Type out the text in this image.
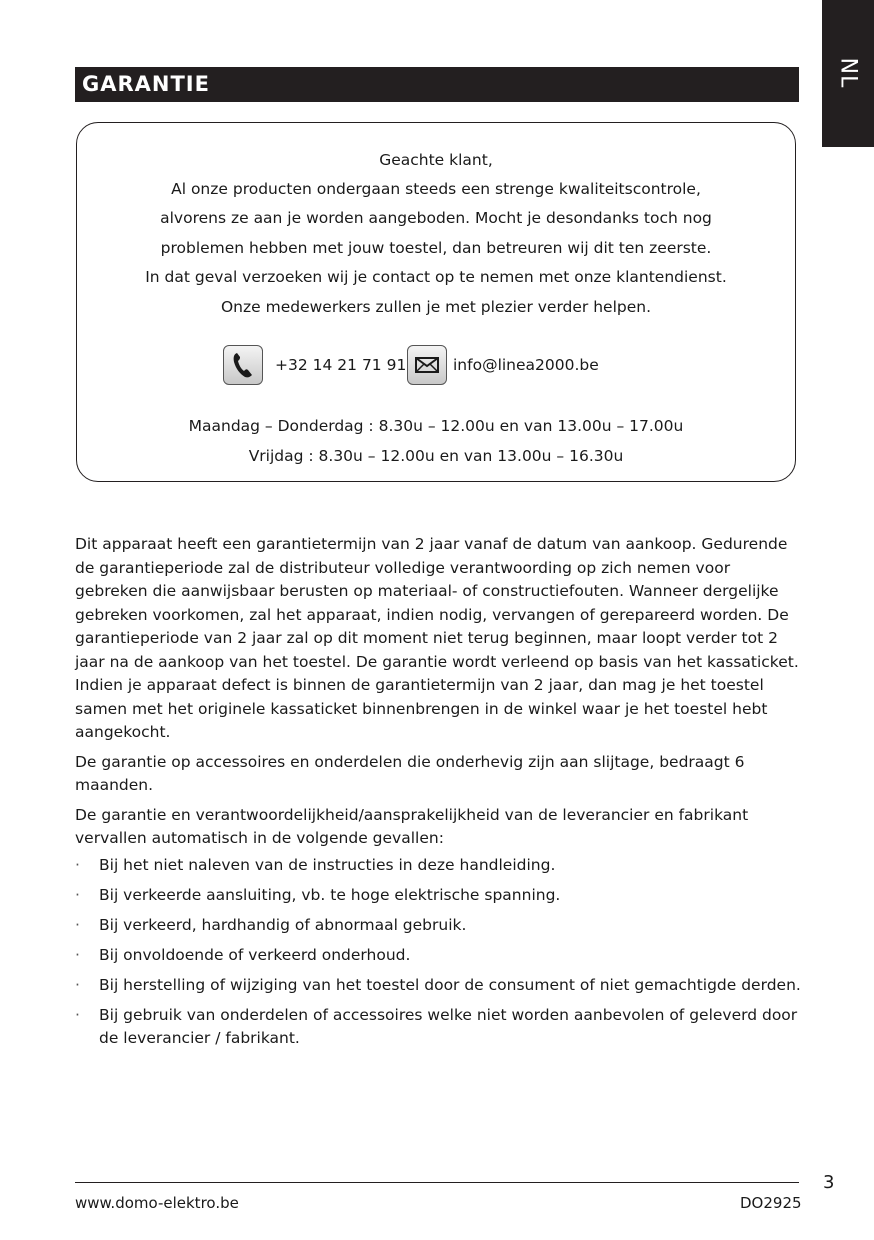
NL
GARANTIE
Geachte klant,
Al onze producten ondergaan steeds een strenge kwaliteitscontrole,
alvorens ze aan je worden aangeboden. Mocht je desondanks toch nog
problemen hebben met jouw toestel, dan betreuren wij dit ten zeerste.
In dat geval verzoeken wij je contact op te nemen met onze klantendienst.
Onze medewerkers zullen je met plezier verder helpen.
+32 14 21 71 91	info@linea2000.be
Maandag – Donderdag : 8.30u – 12.00u en van 13.00u – 17.00u
Vrijdag : 8.30u – 12.00u en van 13.00u – 16.30u

Dit apparaat heeft een garantietermijn van 2 jaar vanaf de datum van aankoop. Gedurende de garantieperiode zal de distributeur volledige verantwoording op zich nemen voor gebreken die aanwijsbaar berusten op materiaal- of constructiefouten. Wanneer dergelijke gebreken voorkomen, zal het apparaat, indien nodig, vervangen of gerepareerd worden. De garantieperiode van 2 jaar zal op dit moment niet terug beginnen, maar loopt verder tot 2 jaar na de aankoop van het toestel. De garantie wordt verleend op basis van het kassaticket. Indien je apparaat defect is binnen de garantietermijn van 2 jaar, dan mag je het toestel samen met het originele kassaticket binnenbrengen in de winkel waar je het toestel hebt aangekocht.

De garantie op accessoires en onderdelen die onderhevig zijn aan slijtage, bedraagt 6 maanden.

De garantie en verantwoordelijkheid/aansprakelijkheid van de leverancier en fabrikant vervallen automatisch in de volgende gevallen:

· Bij het niet naleven van de instructies in deze handleiding.
· Bij verkeerde aansluiting, vb. te hoge elektrische spanning.
· Bij verkeerd, hardhandig of abnormaal gebruik.
· Bij onvoldoende of verkeerd onderhoud.
· Bij herstelling of wijziging van het toestel door de consument of niet gemachtigde derden.
· Bij gebruik van onderdelen of accessoires welke niet worden aanbevolen of geleverd door de leverancier / fabrikant.
3
www.domo-elektro.be	DO2925
